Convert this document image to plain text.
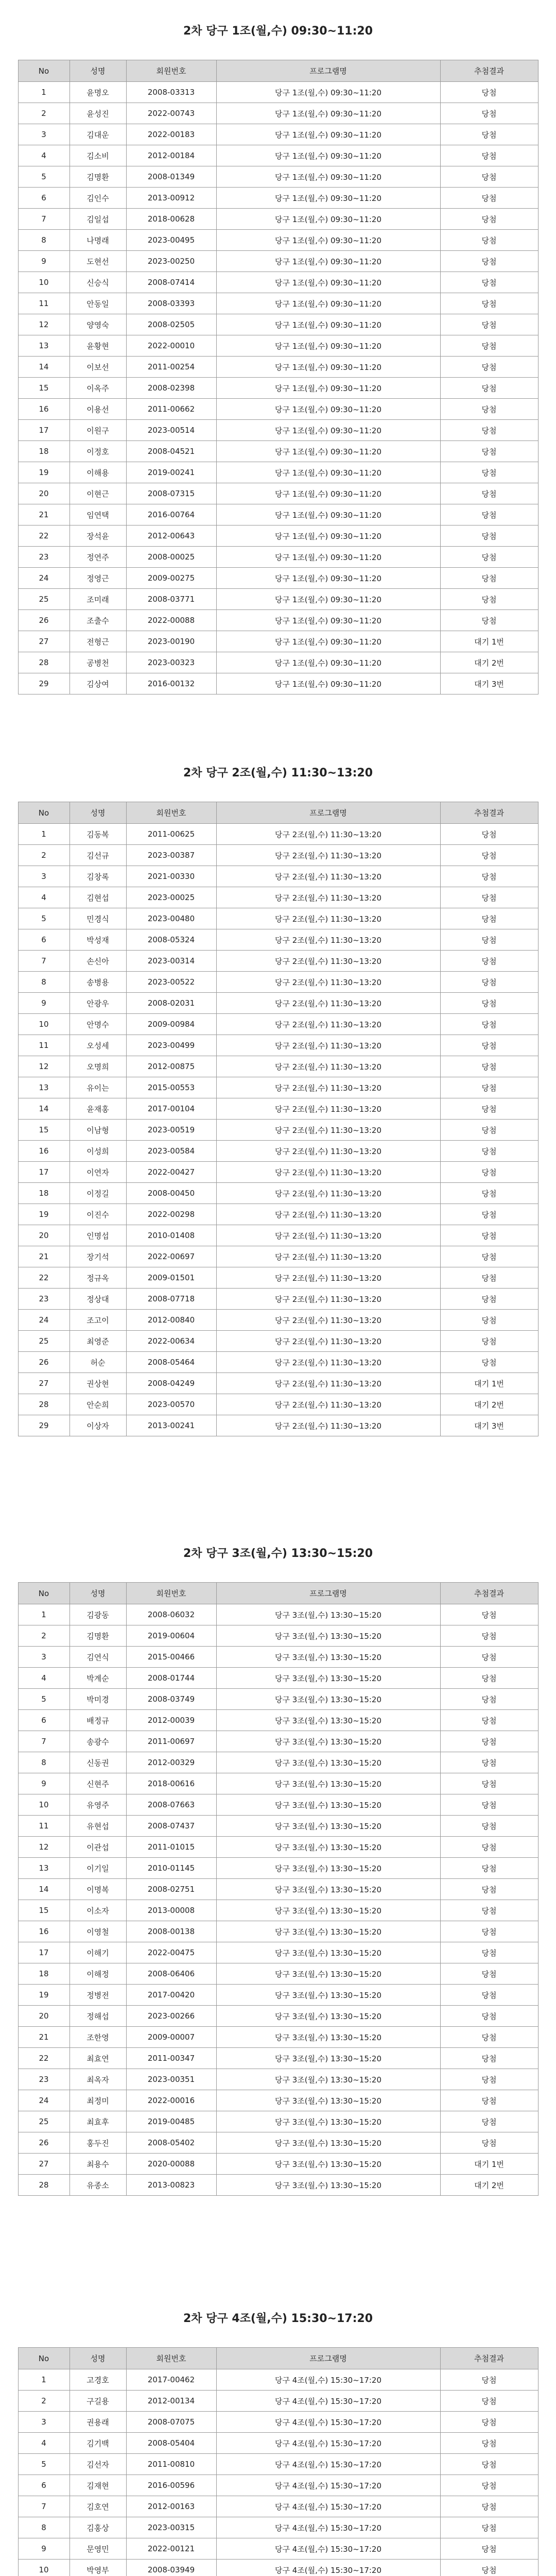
2차 당구 1조(월,수) 09:30~11:20
No	성명	회원번호	프로그램명	추첨결과
1	윤명오	2008-03313	당구 1조(월,수) 09:30~11:20	당첨
2	윤성진	2022-00743	당구 1조(월,수) 09:30~11:20	당첨
3	김대운	2022-00183	당구 1조(월,수) 09:30~11:20	당첨
4	김소비	2012-00184	당구 1조(월,수) 09:30~11:20	당첨
5	김명환	2008-01349	당구 1조(월,수) 09:30~11:20	당첨
6	김인수	2013-00912	당구 1조(월,수) 09:30~11:20	당첨
7	김일섭	2018-00628	당구 1조(월,수) 09:30~11:20	당첨
8	나명래	2023-00495	당구 1조(월,수) 09:30~11:20	당첨
9	도현선	2023-00250	당구 1조(월,수) 09:30~11:20	당첨
10	신승식	2008-07414	당구 1조(월,수) 09:30~11:20	당첨
11	안동일	2008-03393	당구 1조(월,수) 09:30~11:20	당첨
12	양영숙	2008-02505	당구 1조(월,수) 09:30~11:20	당첨
13	윤황현	2022-00010	당구 1조(월,수) 09:30~11:20	당첨
14	이보선	2011-00254	당구 1조(월,수) 09:30~11:20	당첨
15	이옥주	2008-02398	당구 1조(월,수) 09:30~11:20	당첨
16	이용선	2011-00662	당구 1조(월,수) 09:30~11:20	당첨
17	이원구	2023-00514	당구 1조(월,수) 09:30~11:20	당첨
18	이정호	2008-04521	당구 1조(월,수) 09:30~11:20	당첨
19	이해용	2019-00241	당구 1조(월,수) 09:30~11:20	당첨
20	이현근	2008-07315	당구 1조(월,수) 09:30~11:20	당첨
21	임연택	2016-00764	당구 1조(월,수) 09:30~11:20	당첨
22	장석윤	2012-00643	당구 1조(월,수) 09:30~11:20	당첨
23	정연주	2008-00025	당구 1조(월,수) 09:30~11:20	당첨
24	정영근	2009-00275	당구 1조(월,수) 09:30~11:20	당첨
25	조미래	2008-03771	당구 1조(월,수) 09:30~11:20	당첨
26	조출수	2022-00088	당구 1조(월,수) 09:30~11:20	당첨
27	전형근	2023-00190	당구 1조(월,수) 09:30~11:20	대기 1번
28	공병천	2023-00323	당구 1조(월,수) 09:30~11:20	대기 2번
29	김상여	2016-00132	당구 1조(월,수) 09:30~11:20	대기 3번
2차 당구 2조(월,수) 11:30~13:20
No	성명	회원번호	프로그램명	추첨결과
1	김동복	2011-00625	당구 2조(월,수) 11:30~13:20	당첨
2	김선규	2023-00387	당구 2조(월,수) 11:30~13:20	당첨
3	김창록	2021-00330	당구 2조(월,수) 11:30~13:20	당첨
4	김현섭	2023-00025	당구 2조(월,수) 11:30~13:20	당첨
5	민경식	2023-00480	당구 2조(월,수) 11:30~13:20	당첨
6	박성재	2008-05324	당구 2조(월,수) 11:30~13:20	당첨
7	손신아	2023-00314	당구 2조(월,수) 11:30~13:20	당첨
8	송병용	2023-00522	당구 2조(월,수) 11:30~13:20	당첨
9	안광우	2008-02031	당구 2조(월,수) 11:30~13:20	당첨
10	안명수	2009-00984	당구 2조(월,수) 11:30~13:20	당첨
11	오성세	2023-00499	당구 2조(월,수) 11:30~13:20	당첨
12	오명희	2012-00875	당구 2조(월,수) 11:30~13:20	당첨
13	유이는	2015-00553	당구 2조(월,수) 11:30~13:20	당첨
14	윤재홍	2017-00104	당구 2조(월,수) 11:30~13:20	당첨
15	이남형	2023-00519	당구 2조(월,수) 11:30~13:20	당첨
16	이성희	2023-00584	당구 2조(월,수) 11:30~13:20	당첨
17	이연자	2022-00427	당구 2조(월,수) 11:30~13:20	당첨
18	이정길	2008-00450	당구 2조(월,수) 11:30~13:20	당첨
19	이진수	2022-00298	당구 2조(월,수) 11:30~13:20	당첨
20	인명섭	2010-01408	당구 2조(월,수) 11:30~13:20	당첨
21	장기석	2022-00697	당구 2조(월,수) 11:30~13:20	당첨
22	정규옥	2009-01501	당구 2조(월,수) 11:30~13:20	당첨
23	정상대	2008-07718	당구 2조(월,수) 11:30~13:20	당첨
24	조고이	2012-00840	당구 2조(월,수) 11:30~13:20	당첨
25	최영준	2022-00634	당구 2조(월,수) 11:30~13:20	당첨
26	허순	2008-05464	당구 2조(월,수) 11:30~13:20	당첨
27	권상현	2008-04249	당구 2조(월,수) 11:30~13:20	대기 1번
28	안순희	2023-00570	당구 2조(월,수) 11:30~13:20	대기 2번
29	이상자	2013-00241	당구 2조(월,수) 11:30~13:20	대기 3번
2차 당구 3조(월,수) 13:30~15:20
No	성명	회원번호	프로그램명	추첨결과
1	김광동	2008-06032	당구 3조(월,수) 13:30~15:20	당첨
2	김명환	2019-00604	당구 3조(월,수) 13:30~15:20	당첨
3	김연식	2015-00466	당구 3조(월,수) 13:30~15:20	당첨
4	박계순	2008-01744	당구 3조(월,수) 13:30~15:20	당첨
5	박미경	2008-03749	당구 3조(월,수) 13:30~15:20	당첨
6	배정규	2012-00039	당구 3조(월,수) 13:30~15:20	당첨
7	송광수	2011-00697	당구 3조(월,수) 13:30~15:20	당첨
8	신동권	2012-00329	당구 3조(월,수) 13:30~15:20	당첨
9	신현주	2018-00616	당구 3조(월,수) 13:30~15:20	당첨
10	유영주	2008-07663	당구 3조(월,수) 13:30~15:20	당첨
11	유현섭	2008-07437	당구 3조(월,수) 13:30~15:20	당첨
12	이관섭	2011-01015	당구 3조(월,수) 13:30~15:20	당첨
13	이기일	2010-01145	당구 3조(월,수) 13:30~15:20	당첨
14	이명복	2008-02751	당구 3조(월,수) 13:30~15:20	당첨
15	이소자	2013-00008	당구 3조(월,수) 13:30~15:20	당첨
16	이영철	2008-00138	당구 3조(월,수) 13:30~15:20	당첨
17	이해기	2022-00475	당구 3조(월,수) 13:30~15:20	당첨
18	이해정	2008-06406	당구 3조(월,수) 13:30~15:20	당첨
19	정병전	2017-00420	당구 3조(월,수) 13:30~15:20	당첨
20	정해섭	2023-00266	당구 3조(월,수) 13:30~15:20	당첨
21	조한영	2009-00007	당구 3조(월,수) 13:30~15:20	당첨
22	최효연	2011-00347	당구 3조(월,수) 13:30~15:20	당첨
23	최옥자	2023-00351	당구 3조(월,수) 13:30~15:20	당첨
24	최정미	2022-00016	당구 3조(월,수) 13:30~15:20	당첨
25	최효후	2019-00485	당구 3조(월,수) 13:30~15:20	당첨
26	홍두진	2008-05402	당구 3조(월,수) 13:30~15:20	당첨
27	최용수	2020-00088	당구 3조(월,수) 13:30~15:20	대기 1번
28	유종소	2013-00823	당구 3조(월,수) 13:30~15:20	대기 2번
2차 당구 4조(월,수) 15:30~17:20
No	성명	회원번호	프로그램명	추첨결과
1	고경호	2017-00462	당구 4조(월,수) 15:30~17:20	당첨
2	구길용	2012-00134	당구 4조(월,수) 15:30~17:20	당첨
3	권용래	2008-07075	당구 4조(월,수) 15:30~17:20	당첨
4	김기백	2008-05404	당구 4조(월,수) 15:30~17:20	당첨
5	김선자	2011-00810	당구 4조(월,수) 15:30~17:20	당첨
6	김재현	2016-00596	당구 4조(월,수) 15:30~17:20	당첨
7	김호연	2012-00163	당구 4조(월,수) 15:30~17:20	당첨
8	김홍상	2023-00315	당구 4조(월,수) 15:30~17:20	당첨
9	문영민	2022-00121	당구 4조(월,수) 15:30~17:20	당첨
10	박영부	2008-03949	당구 4조(월,수) 15:30~17:20	당첨
